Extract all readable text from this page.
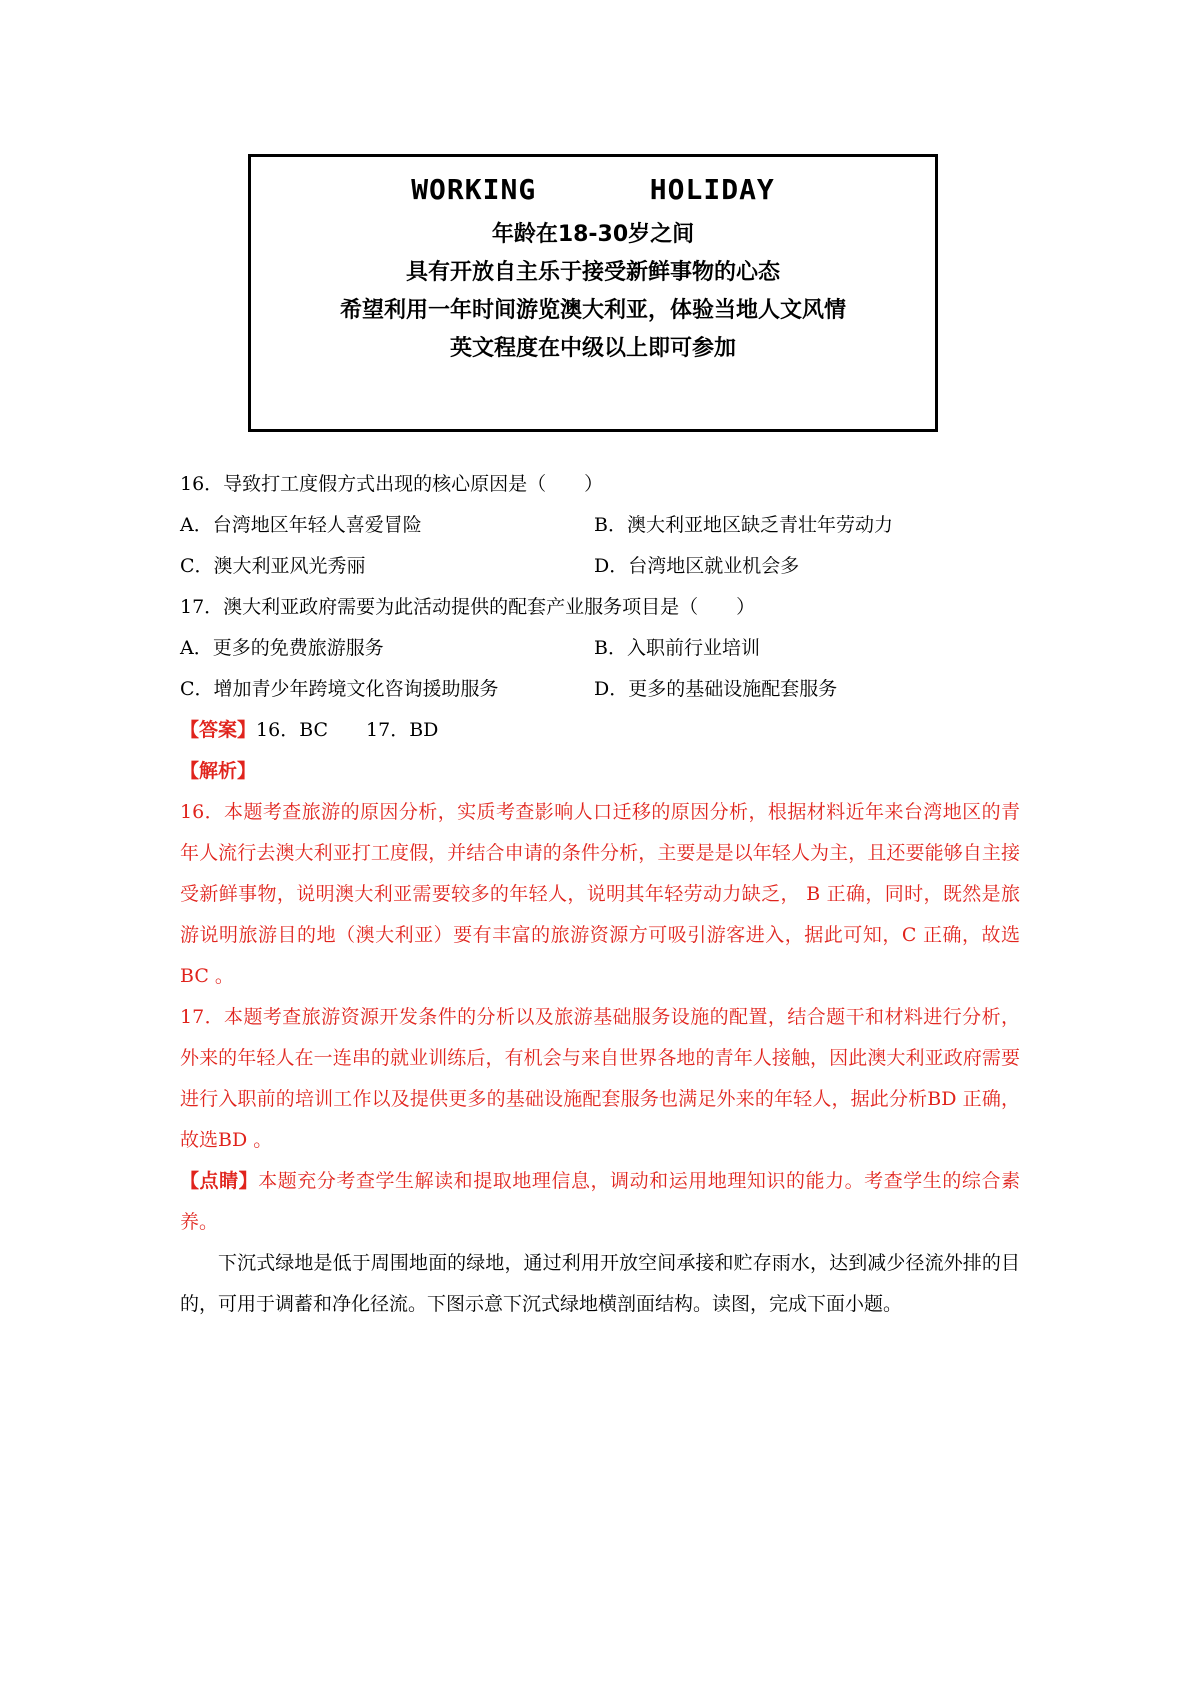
WORKING   HOLIDAY
年龄在18-30岁之间
具有开放自主乐于接受新鲜事物的心态
希望利用一年时间游览澳大利亚，体验当地人文风情
英文程度在中级以上即可参加
16．导致打工度假方式出现的核心原因是（　　）
A．台湾地区年轻人喜爱冒险	B．澳大利亚地区缺乏青壮年劳动力
C．澳大利亚风光秀丽	D．台湾地区就业机会多
17．澳大利亚政府需要为此活动提供的配套产业服务项目是（　　）
A．更多的免费旅游服务	B．入职前行业培训
C．增加青少年跨境文化咨询援助服务	D．更多的基础设施配套服务
【答案】16．BC　　17．BD
【解析】
16．本题考查旅游的原因分析，实质考查影响人口迁移的原因分析，根据材料近年来台湾地区的青年人流行去澳大利亚打工度假，并结合申请的条件分析，主要是是以年轻人为主，且还要能够自主接受新鲜事物，说明澳大利亚需要较多的年轻人，说明其年轻劳动力缺乏， B 正确，同时，既然是旅游说明旅游目的地（澳大利亚）要有丰富的旅游资源方可吸引游客进入，据此可知，C 正确，故选BC 。
17．本题考查旅游资源开发条件的分析以及旅游基础服务设施的配置，结合题干和材料进行分析， 外来的年轻人在一连串的就业训练后，有机会与来自世界各地的青年人接触，因此澳大利亚政府需要进行入职前的培训工作以及提供更多的基础设施配套服务也满足外来的年轻人，据此分析BD 正确，故选BD 。
【点睛】本题充分考查学生解读和提取地理信息，调动和运用地理知识的能力。考查学生的综合素养。
下沉式绿地是低于周围地面的绿地，通过利用开放空间承接和贮存雨水，达到减少径流外排的目的，可用于调蓄和净化径流。下图示意下沉式绿地横剖面结构。读图，完成下面小题。
